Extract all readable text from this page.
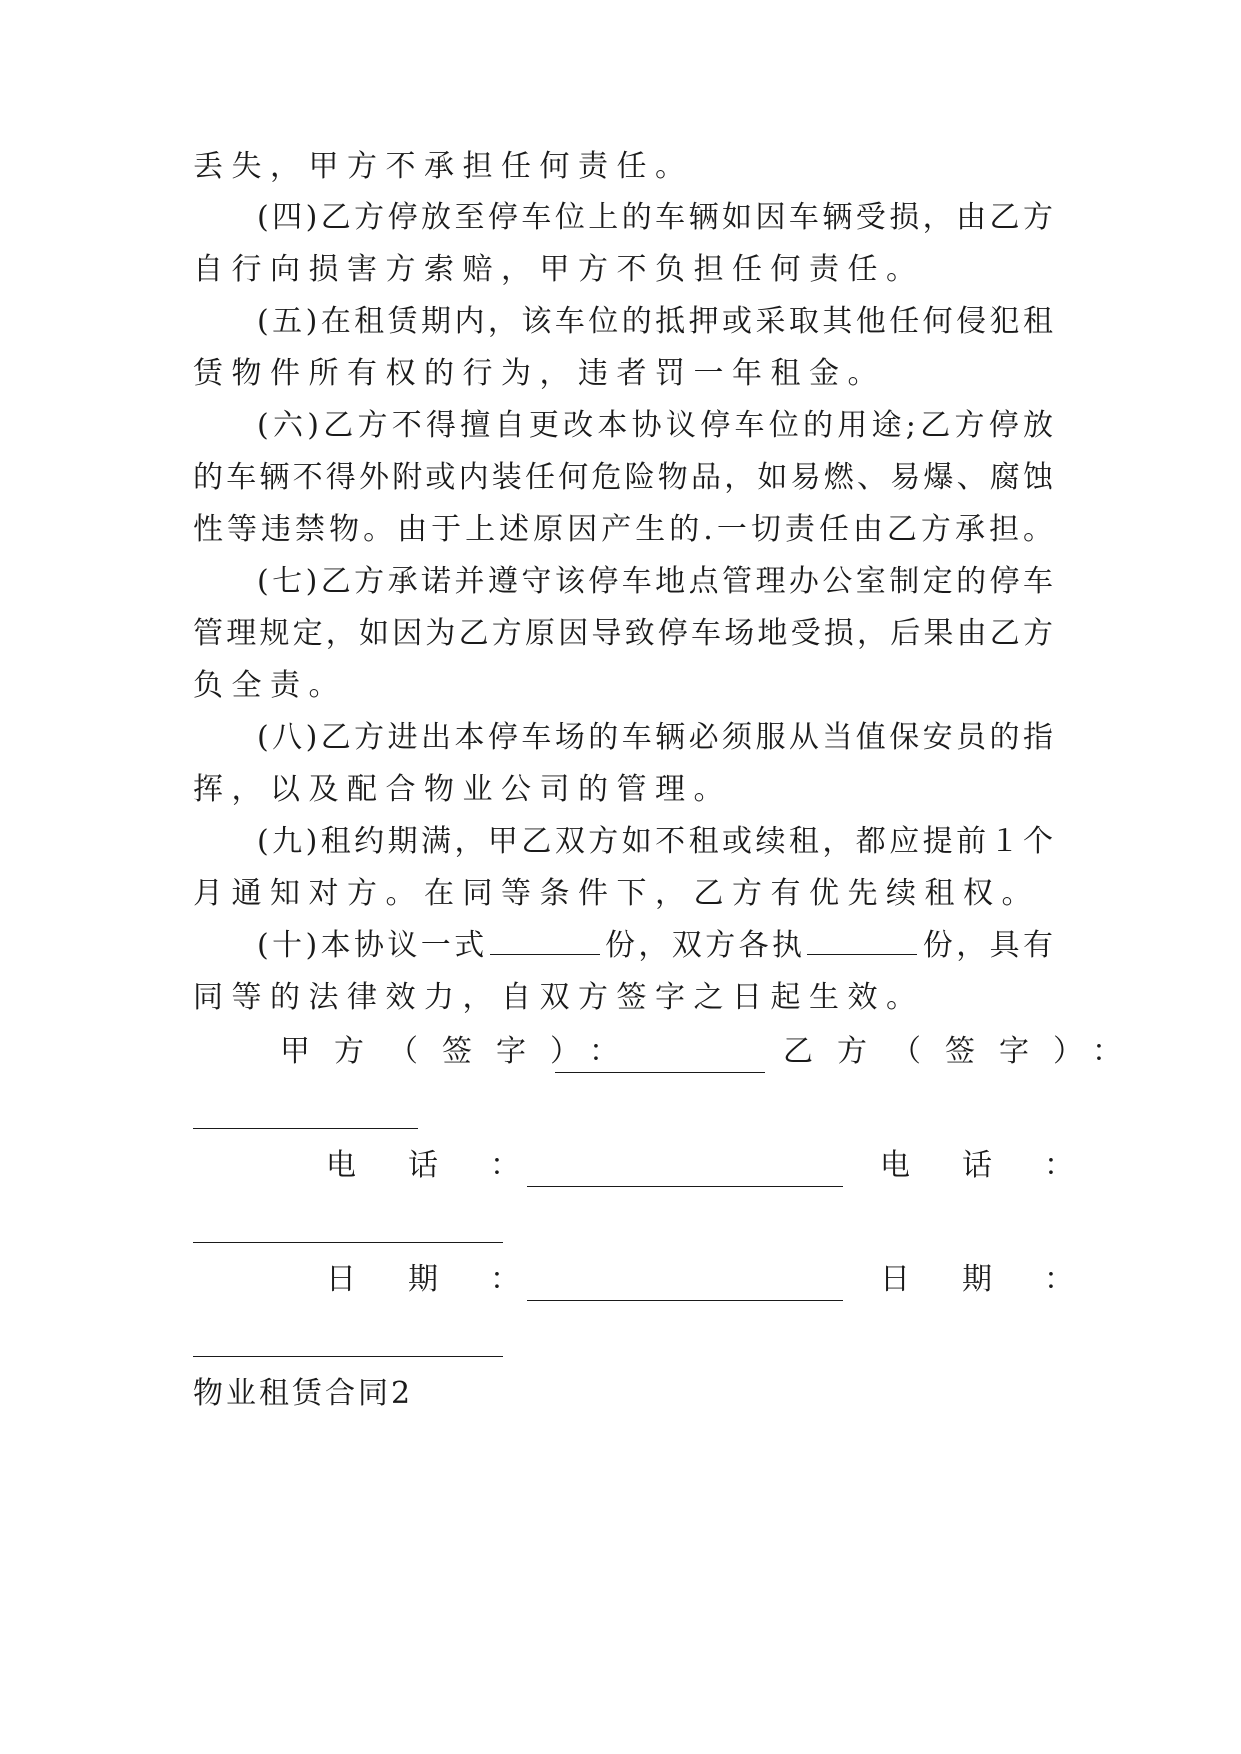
丢失，甲方不承担任何责任。
(四)乙方停放至停车位上的车辆如因车辆受损，由乙方
自行向损害方索赔，甲方不负担任何责任。
(五)在租赁期内，该车位的抵押或采取其他任何侵犯租
赁物件所有权的行为，违者罚一年租金。
(六)乙方不得擅自更改本协议停车位的用途;乙方停放
的车辆不得外附或内装任何危险物品，如易燃、易爆、腐蚀
性等违禁物。由于上述原因产生的.一切责任由乙方承担。
(七)乙方承诺并遵守该停车地点管理办公室制定的停车
管理规定，如因为乙方原因导致停车场地受损，后果由乙方
负全责。
(八)乙方进出本停车场的车辆必须服从当值保安员的指
挥，以及配合物业公司的管理。
(九)租约期满，甲乙双方如不租或续租，都应提前１个
月通知对方。在同等条件下，乙方有优先续租权。
(十)本协议一式	份，双方各执	份，具有
同等的法律效力，自双方签字之日起生效。
甲方（签字）：	乙方（签字）：
电话：	电话：
日期：	日期：
物业租赁合同2
